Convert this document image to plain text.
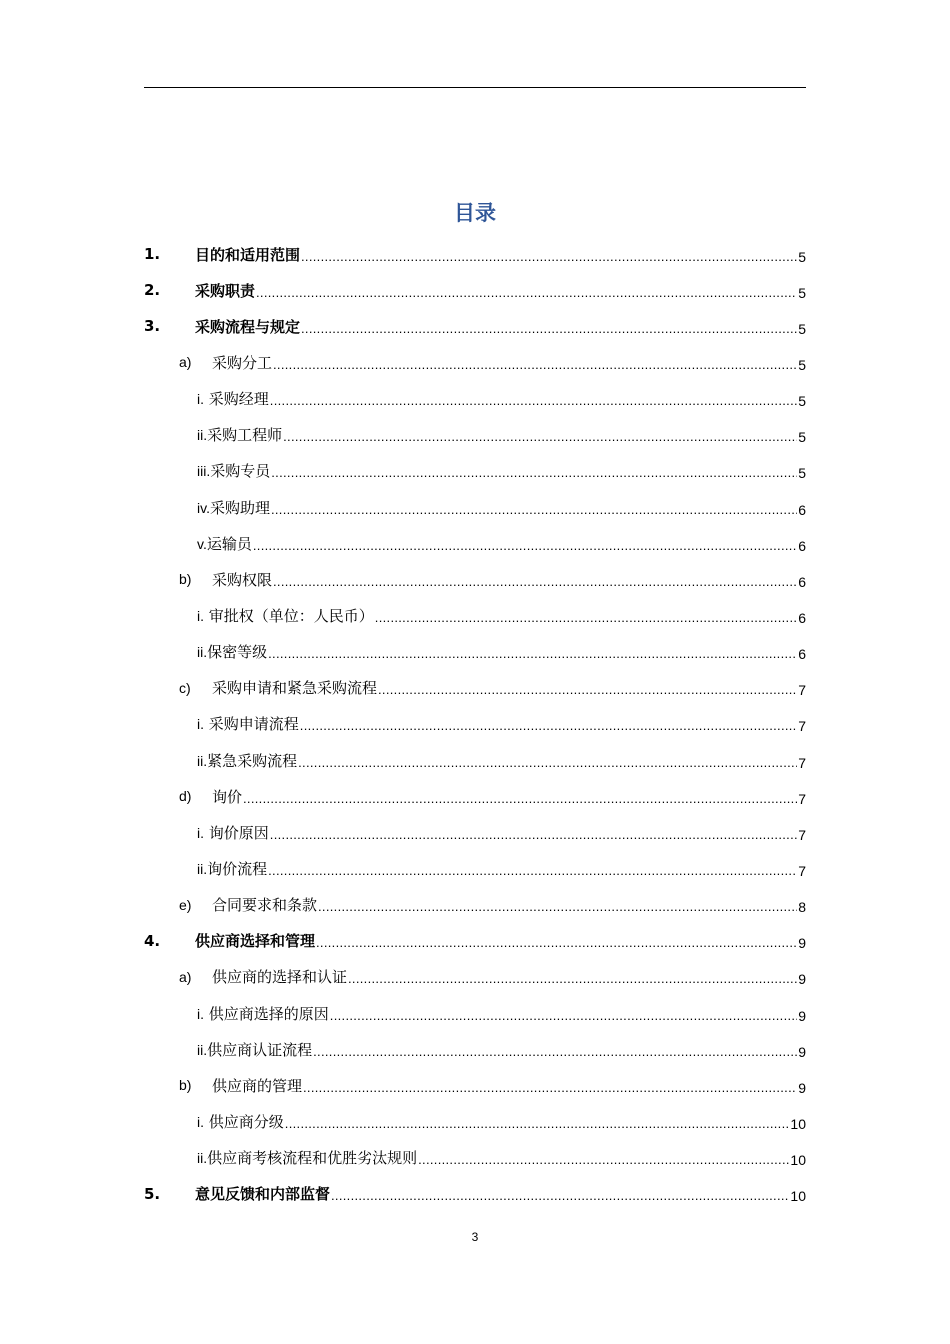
目录
1. 目的和适用范围 .....	5
2. 采购职责 .....	5
3. 采购流程与规定 .....	5
a) 采购分工 .....	5
i. 采购经理 .....	5
ii.采购工程师 .....	5
iii.采购专员 .....	5
iv.采购助理 .....	6
v.运输员 .....	6
b) 采购权限 .....	6
i. 审批权（单位：人民币） .....	6
ii.保密等级 .....	6
c) 采购申请和紧急采购流程 .....	7
i. 采购申请流程 .....	7
ii.紧急采购流程 .....	7
d) 询价 .....	7
i. 询价原因 .....	7
ii.询价流程 .....	7
e) 合同要求和条款 .....	8
4. 供应商选择和管理 .....	9
a) 供应商的选择和认证 .....	9
i. 供应商选择的原因 .....	9
ii.供应商认证流程 .....	9
b) 供应商的管理 .....	9
i. 供应商分级 .....	10
ii.供应商考核流程和优胜劣汰规则 .....	10
5. 意见反馈和内部监督 .....	10
3
